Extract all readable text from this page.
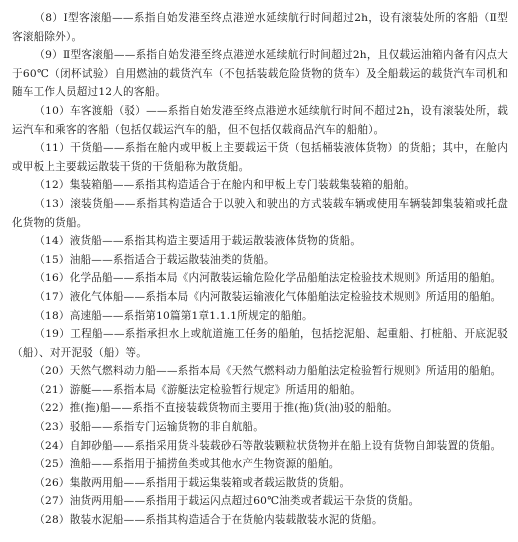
（8）Ⅰ型客滚船——系指自始发港至终点港逆水延续航行时间超过2h，设有滚装处所的客船（Ⅱ型客滚船除外）。

（9）Ⅱ型客滚船——系指自始发港至终点港逆水延续航行时间超过2h，且仅载运油箱内备有闪点大于60℃（闭杯试验）自用燃油的载货汽车（不包括装载危险货物的货车）及全船载运的载货汽车司机和随车工作人员超过12人的客船。

（10）车客渡船（驳）——系指自始发港至终点港逆水延续航行时间不超过2h，设有滚装处所，载运汽车和乘客的客船（包括仅载运汽车的船，但不包括仅载商品汽车的船舶）。

（11）干货船——系指在舱内或甲板上主要载运干货（包括桶装液体货物）的货船；其中，在舱内或甲板上主要载运散装干货的干货船称为散货船。

（12）集装箱船——系指其构造适合于在舱内和甲板上专门装载集装箱的船舶。

（13）滚装货船——系指其构造适合于以驶入和驶出的方式装载车辆或使用车辆装卸集装箱或托盘化货物的货船。

（14）液货船——系指其构造主要适用于载运散装液体货物的货船。

（15）油船——系指适合于载运散装油类的货船。

（16）化学品船——系指本局《内河散装运输危险化学品船舶法定检验技术规则》所适用的船舶。

（17）液化气体船——系指本局《内河散装运输液化气体船舶法定检验技术规则》所适用的船舶。

（18）高速船——系指第10篇第1章1.1.1所规定的船舶。

（19）工程船——系指承担水上或航道施工任务的船舶，包括挖泥船、起重船、打桩船、开底泥驳（船）、对开泥驳（船）等。

（20）天然气燃料动力船——系指本局《天然气燃料动力船舶法定检验暂行规则》所适用的船舶。

（21）游艇——系指本局《游艇法定检验暂行规定》所适用的船舶。

（22）推(拖)船——系指不直接装载货物而主要用于推(拖)货(油)驳的船舶。

（23）驳船——系指专门运输货物的非自航船。

（24）自卸砂船——系指采用货斗装载砂石等散装颗粒状货物并在船上设有货物自卸装置的货船。

（25）渔船——系指用于捕捞鱼类或其他水产生物资源的船舶。

（26）集散两用船——系指用于载运集装箱或者载运散货的货船。

（27）油货两用船——系指用于载运闪点超过60℃油类或者载运干杂货的货船。

（28）散装水泥船——系指其构造适合于在货舱内装载散装水泥的货船。
